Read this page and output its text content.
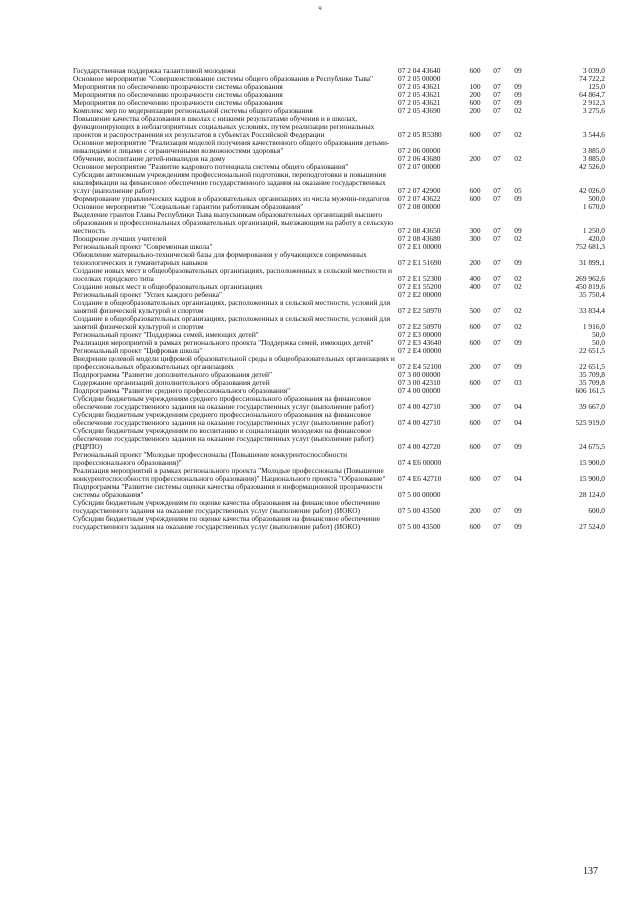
ч
Государственная поддержка талантливой молодежи	07 2 04 43640	600	07	09	3 039,0
Основное мероприятие "Совершенствование системы общего образования в Республике Тыва"	07 2 05 00000				74 722,2
Мероприятия по обеспечению прозрачности системы образования	07 2 05 43621	100	07	09	125,0
Мероприятия по обеспечению прозрачности системы образования	07 2 05 43621	200	07	09	64 864,7
Мероприятия по обеспечению прозрачности системы образования	07 2 05 43621	600	07	09	2 912,3
Комплекс мер по модернизации региональной системы общего образования	07 2 05 43690	200	07	02	3 275,6
Повышение качества образования в школах с низкими результатами обучения и в школах, функционирующих в неблагоприятных социальных условиях, путем реализации региональных проектов и распространения их результатов в субъектах Российской Федерации	07 2 05 R5380	600	07	02	3 544,6
Основное мероприятие "Реализация моделей получения качественного общего образования детьми-инвалидами и лицами с ограниченными возможностями здоровья"	07 2 06 00000				3 885,0
Обучение, воспитание детей-инвалидов на дому	07 2 06 43680	200	07	02	3 885,0
Основное мероприятие "Развитие кадрового потенциала системы общего образования"	07 2 07 00000				42 526,0
Субсидии автономным учреждениям профессиональной подготовки, переподготовки и повышения квалификации на финансовое обеспечение государственного задания на оказание государственных услуг (выполнение работ)	07 2 07 42900	600	07	05	42 026,0
Формирование управленческих кадров в образовательных организациях из числа мужчин-педагогов	07 2 07 43622	600	07	09	500,0
Основное мероприятие "Социальные гарантии работникам образования"	07 2 08 00000				1 670,0
Выделение грантов Главы Республики Тыва выпускникам образовательных организаций высшего образования и профессиональных образовательных организаций, выезжающим на работу в сельскую местность	07 2 08 43650	300	07	09	1 250,0
Поощрение лучших учителей	07 2 08 43680	300	07	02	420,0
Региональный проект "Современная школа"	07 2 E1 00000				752 681,3
Обновление материально-технической базы для формирования у обучающихся современных технологических и гуманитарных навыков	07 2 E1 51690	200	07	09	31 899,1
Создание новых мест в общеобразовательных организациях, расположенных в сельской местности и поселках городского типа	07 2 E1 52300	400	07	02	269 962,6
Создание новых мест в общеобразовательных организациях	07 2 E1 55200	400	07	02	450 819,6
Региональный проект "Успех каждого ребенка"	07 2 E2 00000				35 750,4
Создание в общеобразовательных организациях, расположенных в сельской местности, условий для занятий физической культурой и спортом	07 2 E2 50970	500	07	02	33 834,4
Создание в общеобразовательных организациях, расположенных в сельской местности, условий для занятий физической культурой и спортом	07 2 E2 50970	600	07	02	1 916,0
Региональный проект "Поддержка семей, имеющих детей"	07 2 E3 00000				50,0
Реализация мероприятий в рамках регионального проекта "Поддержка семей, имеющих детей"	07 2 E3 43640	600	07	09	50,0
Региональный проект "Цифровая школа"	07 2 E4 00000				22 651,5
Внедрение целевой модели цифровой образовательной среды в общеобразовательных организациях и профессиональных образовательных организациях	07 2 E4 52100	200	07	09	22 651,5
Подпрограмма "Развитие дополнительного образования детей"	07 3 00 00000				35 709,8
Содержание организаций дополнительного образования детей	07 3 00 42310	600	07	03	35 709,8
Подпрограмма "Развитие среднего профессионального образования"	07 4 00 00000				606 161,5
Субсидии бюджетным учреждениям среднего профессионального образования на финансовое обеспечение государственного задания на оказание государственных услуг (выполнение работ)	07 4 00 42710	300	07	04	39 667,0
Субсидии бюджетным учреждениям среднего профессионального образования на финансовое обеспечение государственного задания на оказание государственных услуг (выполнение работ)	07 4 00 42710	600	07	04	525 919,0
Субсидии бюджетным учреждениям по воспитанию и социализации молодежи на финансовое обеспечение государственного задания на оказание государственных услуг (выполнение работ) (РЦРПО)	07 4 00 42720	600	07	09	24 675,5
Региональный проект "Молодые профессионалы (Повышение конкурентоспособности профессионального образования)"	07 4 E6 00000				15 900,0
Реализация мероприятий в рамках регионального проекта "Молодые профессионалы (Повышение конкурентоспособности профессионального образования)" Национального проекта "Образование"	07 4 E6 42710	600	07	04	15 900,0
Подпрограмма "Развитие системы оценки качества образования и информационной прозрачности системы образования"	07 5 00 00000				28 124,0
Субсидии бюджетным учреждениям по оценке качества образования на финансовое обеспечение государственного задания на оказание государственных услуг (выполнение работ) (ИОКО)	07 5 00 43500	200	07	09	600,0
Субсидии бюджетным учреждениям по оценке качества образования на финансовое обеспечение государственного задания на оказание государственных услуг (выполнение работ) (ИОКО)	07 5 00 43500	600	07	09	27 524,0
137
